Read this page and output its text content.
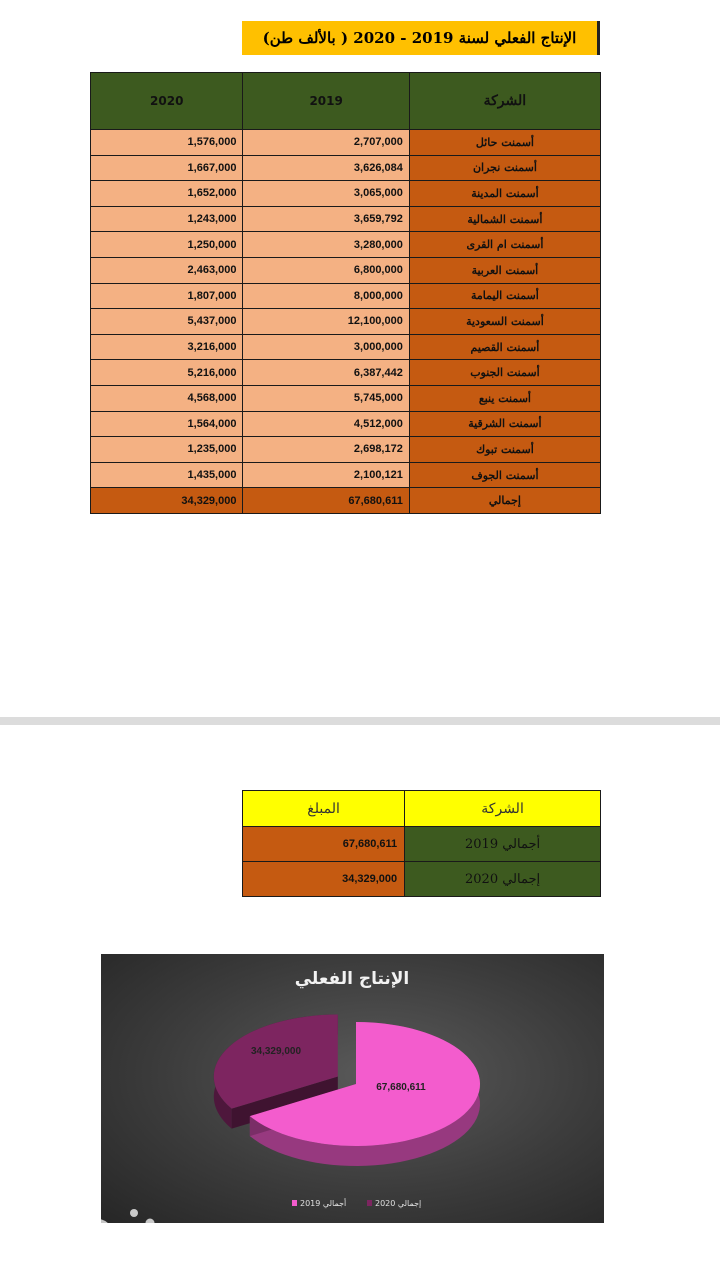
الإنتاج الفعلي لسنة 2019 - 2020 ( بالألف طن)
2020	2019	الشركة
1,576,000	2,707,000	أسمنت حائل
1,667,000	3,626,084	أسمنت نجران
1,652,000	3,065,000	أسمنت المدينة
1,243,000	3,659,792	أسمنت الشمالية
1,250,000	3,280,000	أسمنت ام القرى
2,463,000	6,800,000	أسمنت العربية
1,807,000	8,000,000	أسمنت اليمامة
5,437,000	12,100,000	أسمنت السعودية
3,216,000	3,000,000	أسمنت القصيم
5,216,000	6,387,442	أسمنت الجنوب
4,568,000	5,745,000	أسمنت ينبع
1,564,000	4,512,000	أسمنت الشرقية
1,235,000	2,698,172	أسمنت تبوك
1,435,000	2,100,121	أسمنت الجوف
34,329,000	67,680,611	إجمالي
المبلغ	الشركة
67,680,611	أجمالي 2019
34,329,000	إجمالي 2020
الإنتاج الفعلي
67,680,611
34,329,000
إجمالي 2020
أجمالي 2019
